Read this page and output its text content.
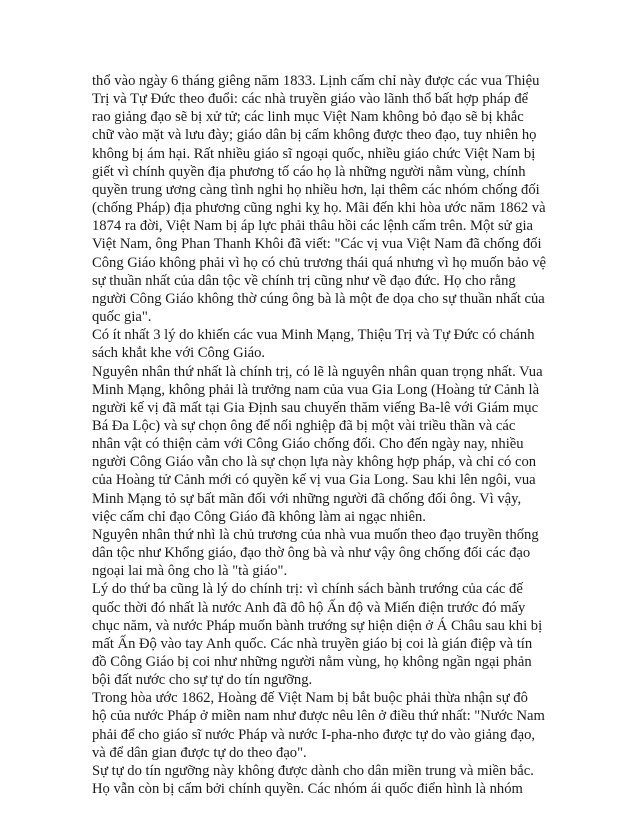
thổ vào ngày 6 tháng giêng năm 1833. Lịnh cấm chỉ này được các vua Thiệu Trị và Tự Đức theo đuổi: các nhà truyền giáo vào lãnh thổ bất hợp pháp để rao giảng đạo sẽ bị xử tử; các linh mục Việt Nam không bỏ đạo sẽ bị khắc chữ vào mặt và lưu đày; giáo dân bị cấm không được theo đạo, tuy nhiên họ không bị ám hại. Rất nhiều giáo sĩ ngoại quốc, nhiều giáo chức Việt Nam bị giết vì chính quyền địa phương tố cáo họ là những người nằm vùng, chính quyền trung ương càng tình nghi họ nhiều hơn, lại thêm các nhóm chống đối (chống Pháp) địa phương cũng nghi kỵ họ. Mãi đến khi hòa ước năm 1862 và 1874 ra đời, Việt Nam bị áp lực phải thâu hồi các lệnh cấm trên. Một sử gia Việt Nam, ông Phan Thanh Khôi đã viết: "Các vị vua Việt Nam đã chống đối Công Giáo không phải vì họ có chủ trương thái quá nhưng vì họ muốn bảo vệ sự thuần nhất của dân tộc về chính trị cũng như về đạo đức. Họ cho rằng người Công Giáo không thờ cúng ông bà là một đe dọa cho sự thuần nhất của quốc gia".

Có ít nhất 3 lý do khiến các vua Minh Mạng, Thiệu Trị và Tự Đức có chánh sách khắt khe với Công Giáo.

Nguyên nhân thứ nhất là chính trị, có lẽ là nguyên nhân quan trọng nhất. Vua Minh Mạng, không phải là trưởng nam của vua Gia Long (Hoàng tử Cảnh là người kế vị đã mất tại Gia Định sau chuyến thăm viếng Ba-lê với Giám mục Bá Đa Lộc) và sự chọn ông để nối nghiệp đã bị một vài triều thần và các nhân vật có thiện cảm với Công Giáo chống đối. Cho đến ngày nay, nhiều người Công Giáo vẫn cho là sự chọn lựa này không hợp pháp, và chỉ có con của Hoàng tử Cảnh mới có quyền kế vị vua Gia Long. Sau khi lên ngôi, vua Minh Mạng tỏ sự bất mãn đối với những người đã chống đối ông. Vì vậy, việc cấm chỉ đạo Công Giáo đã không làm ai ngạc nhiên.

Nguyên nhân thứ nhì là chủ trương của nhà vua muốn theo đạo truyền thống dân tộc như Khổng giáo, đạo thờ ông bà và như vậy ông chống đối các đạo ngoại lai mà ông cho là "tà giáo".

Lý do thứ ba cũng là lý do chính trị: vì chính sách bành trướng của các đế quốc thời đó nhất là nước Anh đã đô hộ Ấn độ và Miến điện trước đó mấy chục năm, và nước Pháp muốn bành trướng sự hiện diện ở Á Châu sau khi bị mất Ấn Độ vào tay Anh quốc. Các nhà truyền giáo bị coi là gián điệp và tín đồ Công Giáo bị coi như những người nằm vùng, họ không ngần ngại phản bội đất nước cho sự tự do tín ngưỡng.

Trong hòa ước 1862, Hoàng đế Việt Nam bị bắt buộc phải thừa nhận sự đô hộ của nước Pháp ở miền nam như được nêu lên ở điều thứ nhất: "Nước Nam phải để cho giáo sĩ nước Pháp và nước I-pha-nho được tự do vào giảng đạo, và để dân gian được tự do theo đạo".

Sự tự do tín ngưỡng này không được dành cho dân miền trung và miền bắc. Họ vẫn còn bị cấm bởi chính quyền. Các nhóm ái quốc điển hình là nhóm
